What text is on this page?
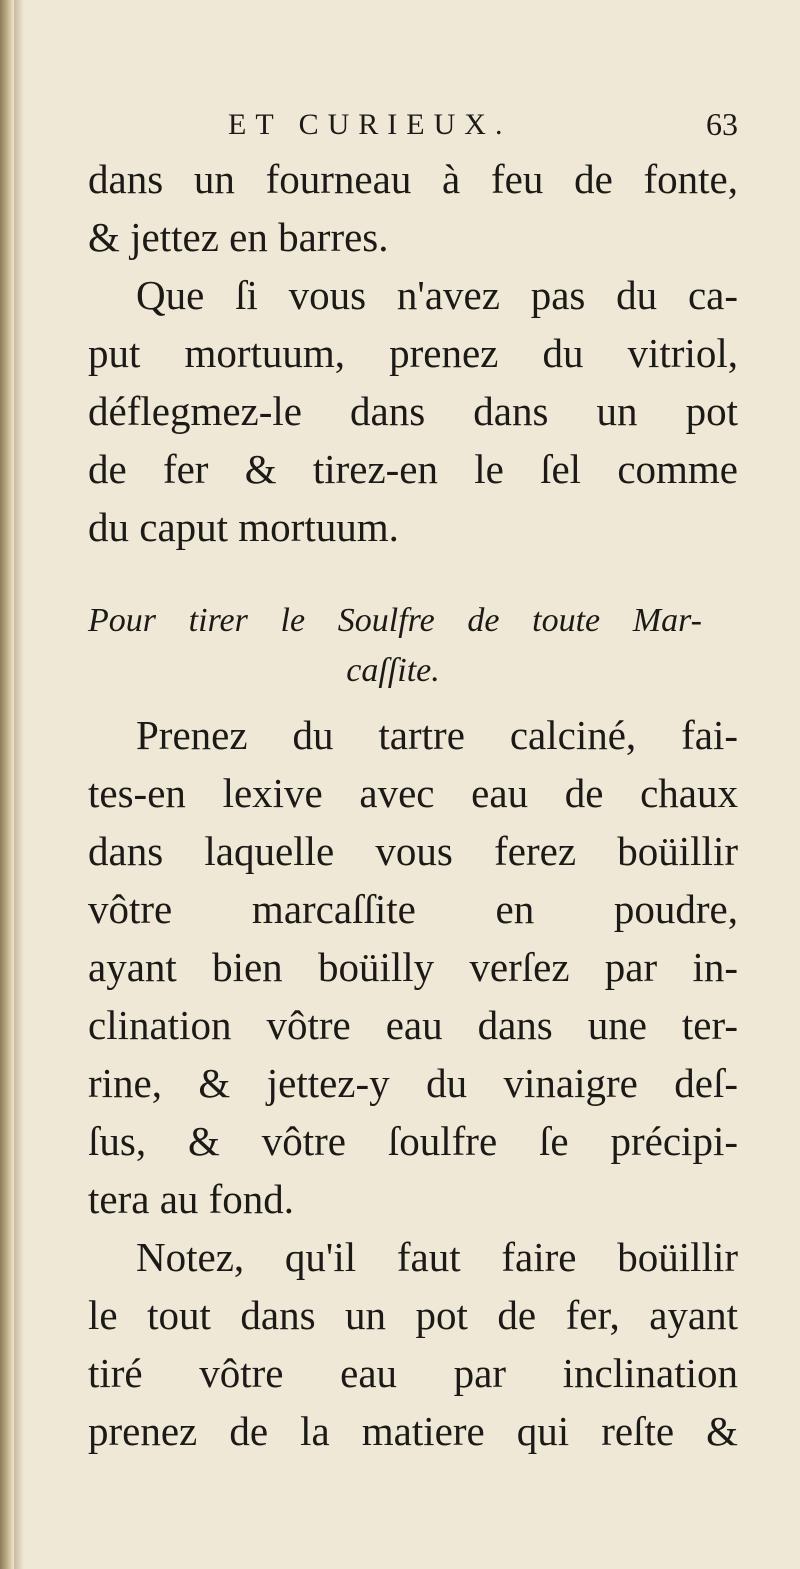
ET CURIEUX.	63
dans un fourneau à feu de fonte,
& jettez en barres.
Que ſi vous n'avez pas du ca-
put mortuum, prenez du vitriol,
déflegmez-le dans dans un pot
de fer & tirez-en le ſel comme
du caput mortuum.
Pour tirer le Soulfre de toute Mar-
caſſite.
Prenez du tartre calciné, fai-
tes-en lexive avec eau de chaux
dans laquelle vous ferez boüillir
vôtre marcaſſite en poudre,
ayant bien boüilly verſez par in-
clination vôtre eau dans une ter-
rine, & jettez-y du vinaigre deſ-
ſus, & vôtre ſoulfre ſe précipi-
tera au fond.
Notez, qu'il faut faire boüillir
le tout dans un pot de fer, ayant
tiré vôtre eau par inclination
prenez de la matiere qui reſte &
